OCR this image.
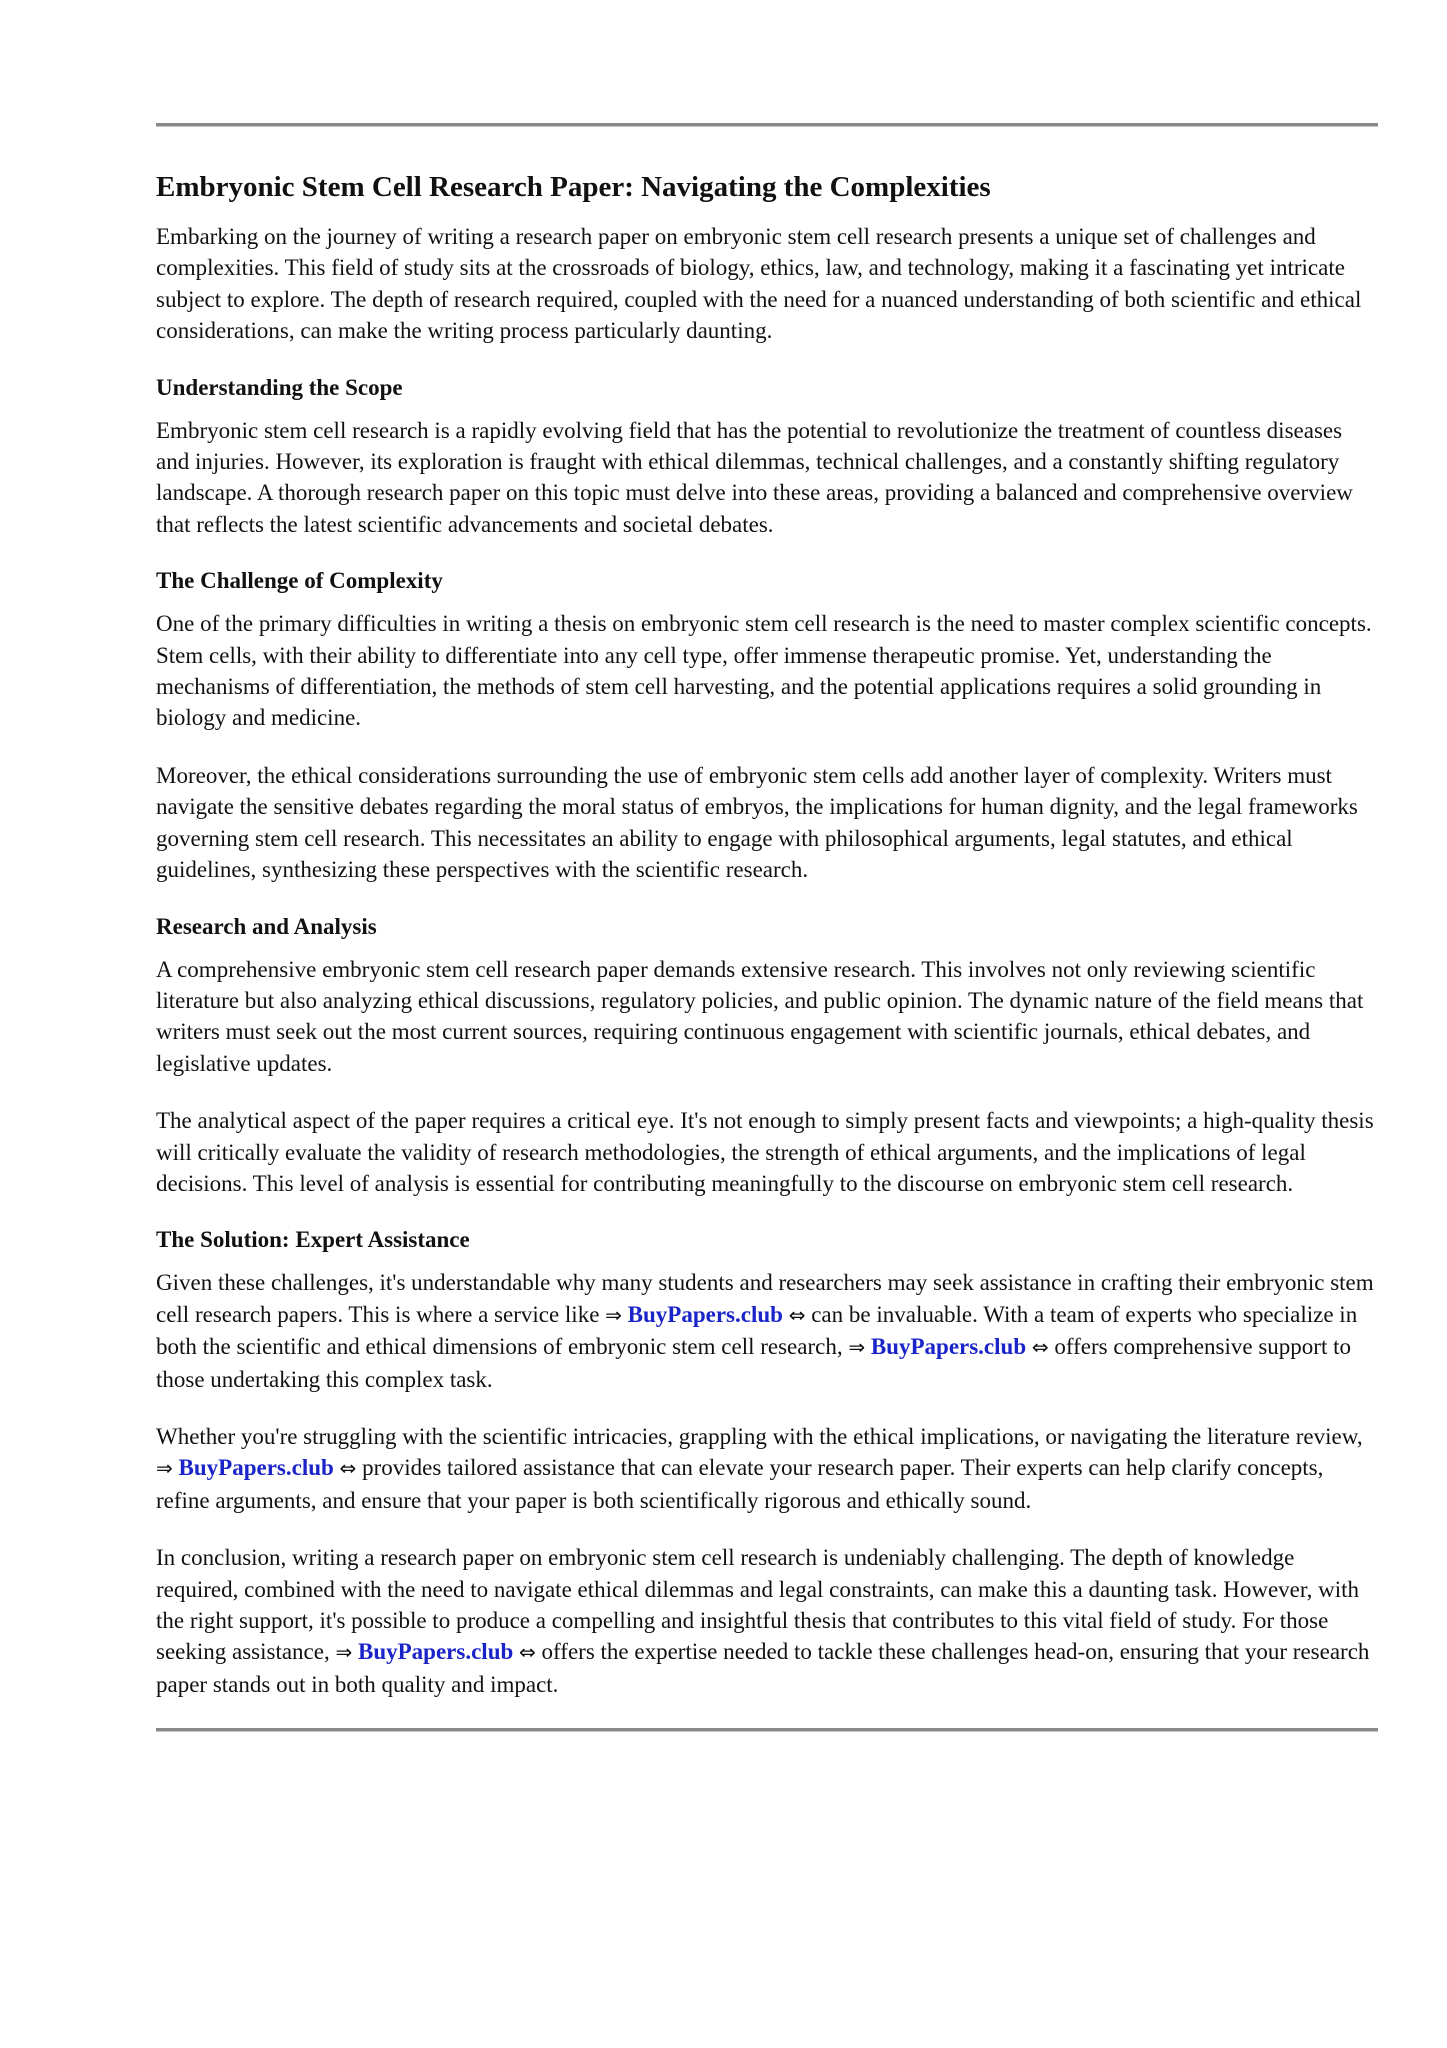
Embryonic Stem Cell Research Paper: Navigating the Complexities

Embarking on the journey of writing a research paper on embryonic stem cell research presents a unique set of challenges and complexities. This field of study sits at the crossroads of biology, ethics, law, and technology, making it a fascinating yet intricate subject to explore. The depth of research required, coupled with the need for a nuanced understanding of both scientific and ethical considerations, can make the writing process particularly daunting.

Understanding the Scope

Embryonic stem cell research is a rapidly evolving field that has the potential to revolutionize the treatment of countless diseases and injuries. However, its exploration is fraught with ethical dilemmas, technical challenges, and a constantly shifting regulatory landscape. A thorough research paper on this topic must delve into these areas, providing a balanced and comprehensive overview that reflects the latest scientific advancements and societal debates.

The Challenge of Complexity

One of the primary difficulties in writing a thesis on embryonic stem cell research is the need to master complex scientific concepts. Stem cells, with their ability to differentiate into any cell type, offer immense therapeutic promise. Yet, understanding the mechanisms of differentiation, the methods of stem cell harvesting, and the potential applications requires a solid grounding in biology and medicine.

Moreover, the ethical considerations surrounding the use of embryonic stem cells add another layer of complexity. Writers must navigate the sensitive debates regarding the moral status of embryos, the implications for human dignity, and the legal frameworks governing stem cell research. This necessitates an ability to engage with philosophical arguments, legal statutes, and ethical guidelines, synthesizing these perspectives with the scientific research.

Research and Analysis

A comprehensive embryonic stem cell research paper demands extensive research. This involves not only reviewing scientific literature but also analyzing ethical discussions, regulatory policies, and public opinion. The dynamic nature of the field means that writers must seek out the most current sources, requiring continuous engagement with scientific journals, ethical debates, and legislative updates.

The analytical aspect of the paper requires a critical eye. It's not enough to simply present facts and viewpoints; a high-quality thesis will critically evaluate the validity of research methodologies, the strength of ethical arguments, and the implications of legal decisions. This level of analysis is essential for contributing meaningfully to the discourse on embryonic stem cell research.

The Solution: Expert Assistance

Given these challenges, it's understandable why many students and researchers may seek assistance in crafting their embryonic stem cell research papers. This is where a service like ⇒ BuyPapers.club ⇔ can be invaluable. With a team of experts who specialize in both the scientific and ethical dimensions of embryonic stem cell research, ⇒ BuyPapers.club ⇔ offers comprehensive support to those undertaking this complex task.

Whether you're struggling with the scientific intricacies, grappling with the ethical implications, or navigating the literature review, ⇒ BuyPapers.club ⇔ provides tailored assistance that can elevate your research paper. Their experts can help clarify concepts, refine arguments, and ensure that your paper is both scientifically rigorous and ethically sound.

In conclusion, writing a research paper on embryonic stem cell research is undeniably challenging. The depth of knowledge required, combined with the need to navigate ethical dilemmas and legal constraints, can make this a daunting task. However, with the right support, it's possible to produce a compelling and insightful thesis that contributes to this vital field of study. For those seeking assistance, ⇒ BuyPapers.club ⇔ offers the expertise needed to tackle these challenges head-on, ensuring that your research paper stands out in both quality and impact.
